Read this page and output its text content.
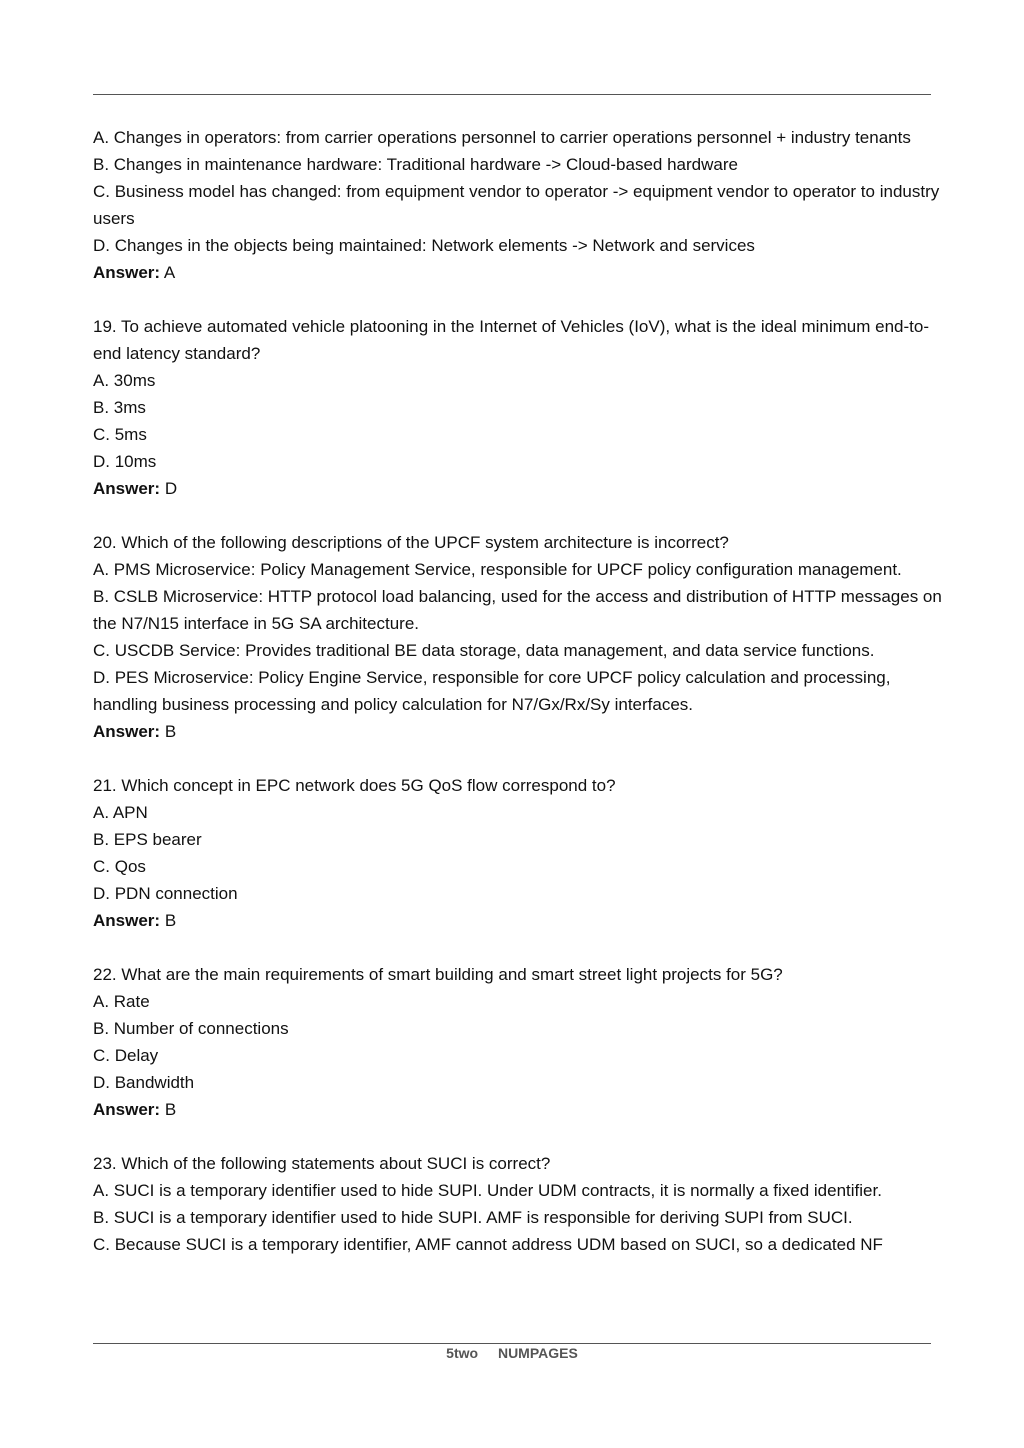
A. Changes in operators: from carrier operations personnel to carrier operations personnel + industry tenants
B. Changes in maintenance hardware: Traditional hardware -> Cloud-based hardware
C. Business model has changed: from equipment vendor to operator -> equipment vendor to operator to industry users
D. Changes in the objects being maintained: Network elements -> Network and services
Answer: A
19. To achieve automated vehicle platooning in the Internet of Vehicles (IoV), what is the ideal minimum end-to-end latency standard?
A. 30ms
B. 3ms
C. 5ms
D. 10ms
Answer: D
20. Which of the following descriptions of the UPCF system architecture is incorrect?
A. PMS Microservice: Policy Management Service, responsible for UPCF policy configuration management.
B. CSLB Microservice: HTTP protocol load balancing, used for the access and distribution of HTTP messages on the N7/N15 interface in 5G SA architecture.
C. USCDB Service: Provides traditional BE data storage, data management, and data service functions.
D. PES Microservice: Policy Engine Service, responsible for core UPCF policy calculation and processing, handling business processing and policy calculation for N7/Gx/Rx/Sy interfaces.
Answer: B
21. Which concept in EPC network does 5G QoS flow correspond to?
A. APN
B. EPS bearer
C. Qos
D. PDN connection
Answer: B
22. What are the main requirements of smart building and smart street light projects for 5G?
A. Rate
B. Number of connections
C. Delay
D. Bandwidth
Answer: B
23. Which of the following statements about SUCI is correct?
A. SUCI is a temporary identifier used to hide SUPI. Under UDM contracts, it is normally a fixed identifier.
B. SUCI is a temporary identifier used to hide SUPI. AMF is responsible for deriving SUPI from SUCI.
C. Because SUCI is a temporary identifier, AMF cannot address UDM based on SUCI, so a dedicated NF
5two NUMPAGES
